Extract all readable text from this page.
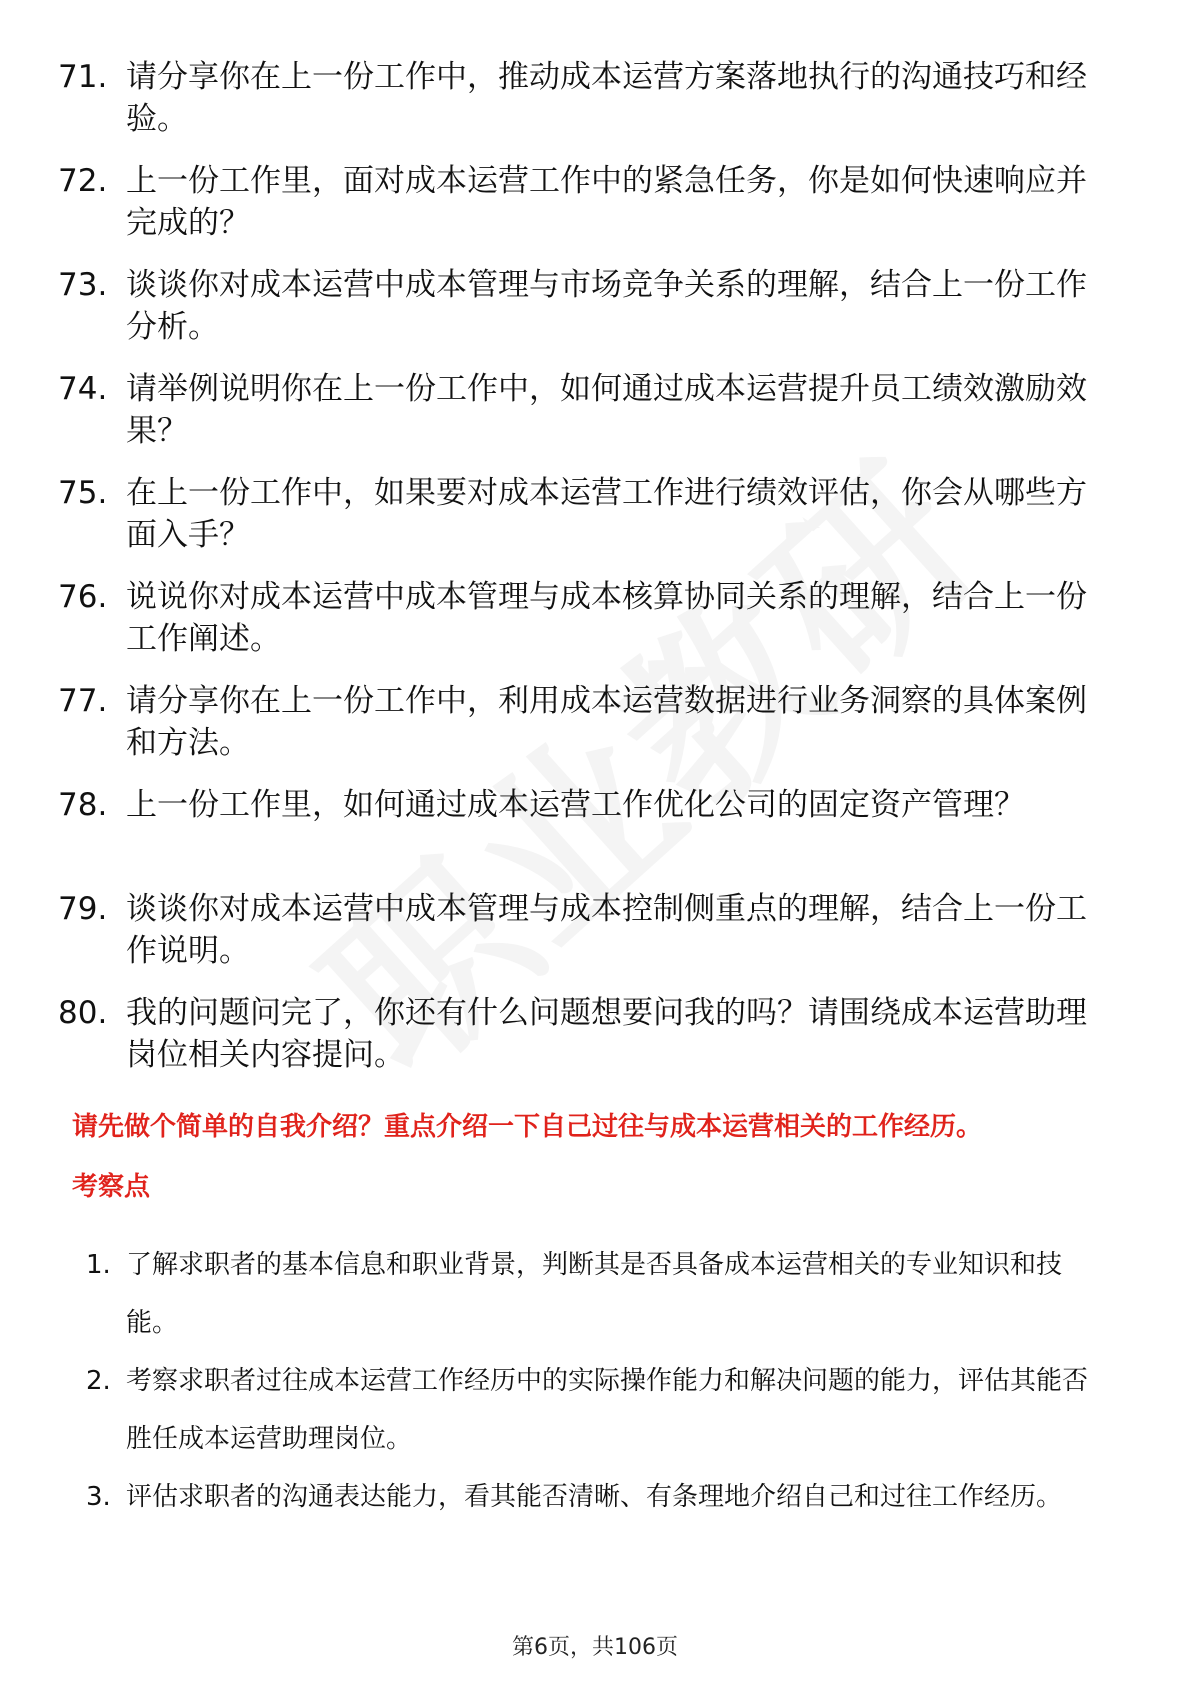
71. 请分享你在上一份工作中，推动成本运营方案落地执行的沟通技巧和经验。
72. 上一份工作里，面对成本运营工作中的紧急任务，你是如何快速响应并完成的？
73. 谈谈你对成本运营中成本管理与市场竞争关系的理解，结合上一份工作分析。
74. 请举例说明你在上一份工作中，如何通过成本运营提升员工绩效激励效果？
75. 在上一份工作中，如果要对成本运营工作进行绩效评估，你会从哪些方面入手？
76. 说说你对成本运营中成本管理与成本核算协同关系的理解，结合上一份工作阐述。
77. 请分享你在上一份工作中，利用成本运营数据进行业务洞察的具体案例和方法。
78. 上一份工作里，如何通过成本运营工作优化公司的固定资产管理？
79. 谈谈你对成本运营中成本管理与成本控制侧重点的理解，结合上一份工作说明。
80. 我的问题问完了，你还有什么问题想要问我的吗？请围绕成本运营助理岗位相关内容提问。
请先做个简单的自我介绍？重点介绍一下自己过往与成本运营相关的工作经历。
考察点
1. 了解求职者的基本信息和职业背景，判断其是否具备成本运营相关的专业知识和技能。
2. 考察求职者过往成本运营工作经历中的实际操作能力和解决问题的能力，评估其能否胜任成本运营助理岗位。
3. 评估求职者的沟通表达能力，看其能否清晰、有条理地介绍自己和过往工作经历。
第6页，共106页
